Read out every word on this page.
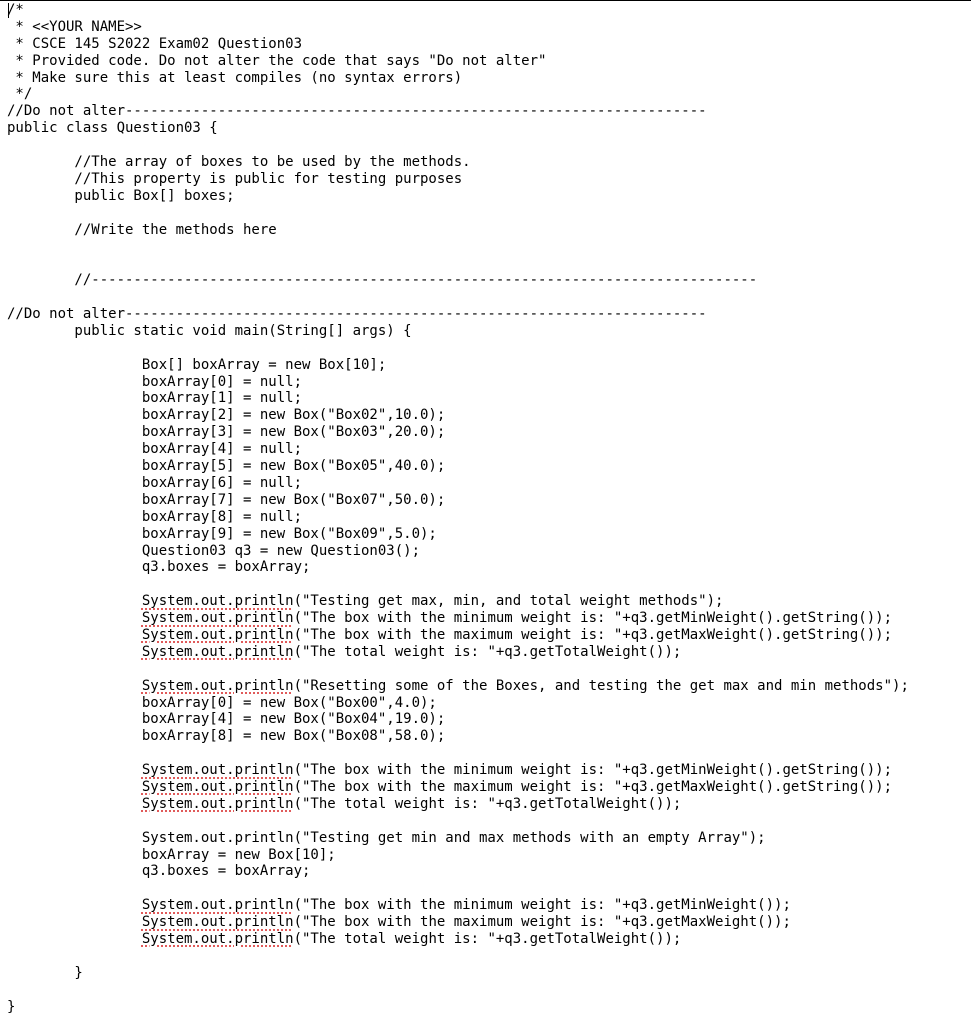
/*
* <<YOUR NAME>>
* CSCE 145 S2022 Exam02 Question03
* Provided code. Do not alter the code that says "Do not alter"
* Make sure this at least compiles (no syntax errors)
*/
//Do not alter---------------------------------------------------------------------
public class Question03 {
//The array of boxes to be used by the methods.
//This property is public for testing purposes
public Box[] boxes;
//Write the methods here
//-------------------------------------------------------------------------------
//Do not alter---------------------------------------------------------------------
public static void main(String[] args) {
Box[] boxArray = new Box[10];
boxArray[0] = null;
boxArray[1] = null;
boxArray[2] = new Box("Box02",10.0);
boxArray[3] = new Box("Box03",20.0);
boxArray[4] = null;
boxArray[5] = new Box("Box05",40.0);
boxArray[6] = null;
boxArray[7] = new Box("Box07",50.0);
boxArray[8] = null;
boxArray[9] = new Box("Box09",5.0);
Question03 q3 = new Question03();
q3.boxes = boxArray;
System.out.println("Testing get max, min, and total weight methods");
System.out.println("The box with the minimum weight is: "+q3.getMinWeight().getString());
System.out.println("The box with the maximum weight is: "+q3.getMaxWeight().getString());
System.out.println("The total weight is: "+q3.getTotalWeight());
System.out.println("Resetting some of the Boxes, and testing the get max and min methods");
boxArray[0] = new Box("Box00",4.0);
boxArray[4] = new Box("Box04",19.0);
boxArray[8] = new Box("Box08",58.0);
System.out.println("The box with the minimum weight is: "+q3.getMinWeight().getString());
System.out.println("The box with the maximum weight is: "+q3.getMaxWeight().getString());
System.out.println("The total weight is: "+q3.getTotalWeight());
System.out.println("Testing get min and max methods with an empty Array");
boxArray = new Box[10];
q3.boxes = boxArray;
System.out.println("The box with the minimum weight is: "+q3.getMinWeight());
System.out.println("The box with the maximum weight is: "+q3.getMaxWeight());
System.out.println("The total weight is: "+q3.getTotalWeight());
}
}
